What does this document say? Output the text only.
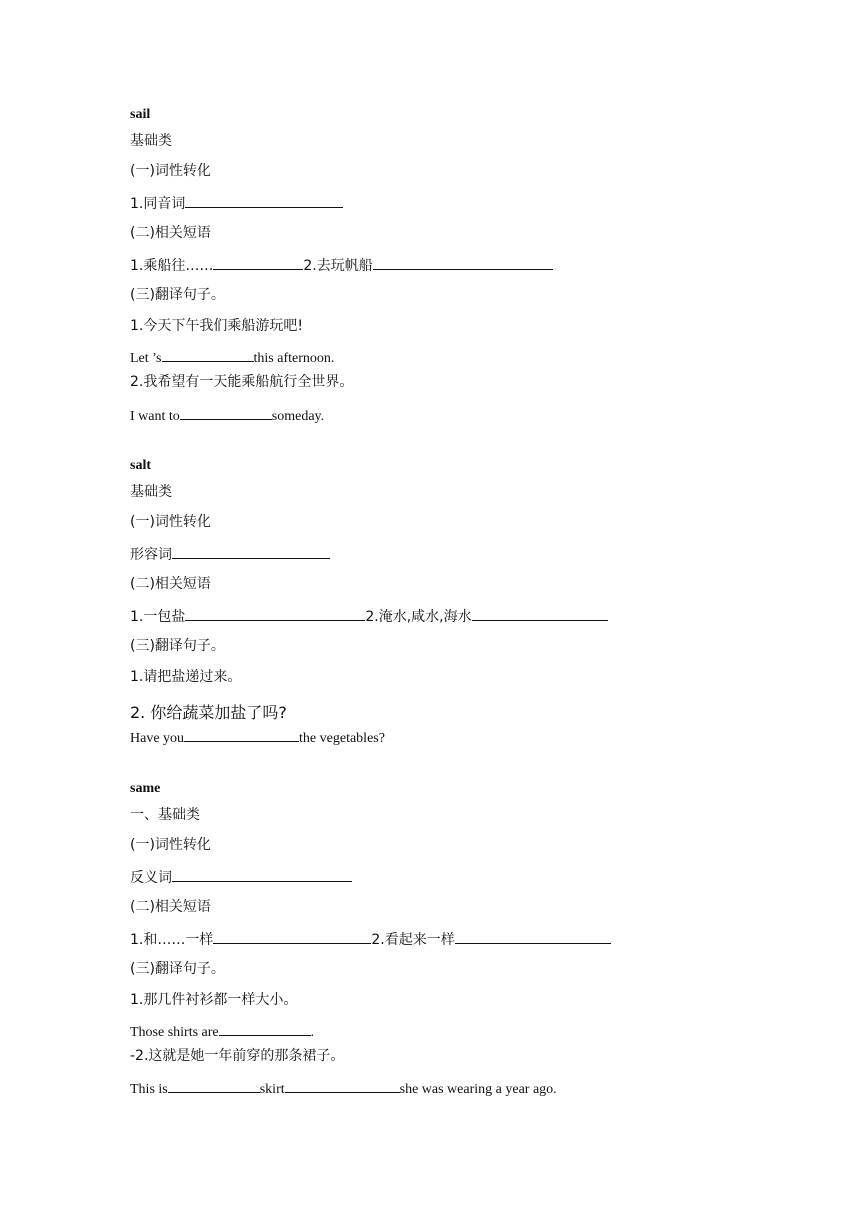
sail
基础类
(一)词性转化
1.同音词
(二)相关短语
1.乘船往……	2.去玩帆船
(三)翻译句子。
1.今天下午我们乘船游玩吧!
Let ’s	this afternoon.
2.我希望有一天能乘船航行全世界。
I want to	someday.
salt
基础类
(一)词性转化
形容词
(二)相关短语
1.一包盐	2.淹水,咸水,海水
(三)翻译句子。
1.请把盐递过来。
2. 你给蔬菜加盐了吗?
Have you	the vegetables?
same
一、基础类
(一)词性转化
反义词
(二)相关短语
1.和……一样	2.看起来一样
(三)翻译句子。
1.那几件衬衫都一样大小。
Those shirts are	.
-2.这就是她一年前穿的那条裙子。
This is	skirt	she was wearing a year ago.
